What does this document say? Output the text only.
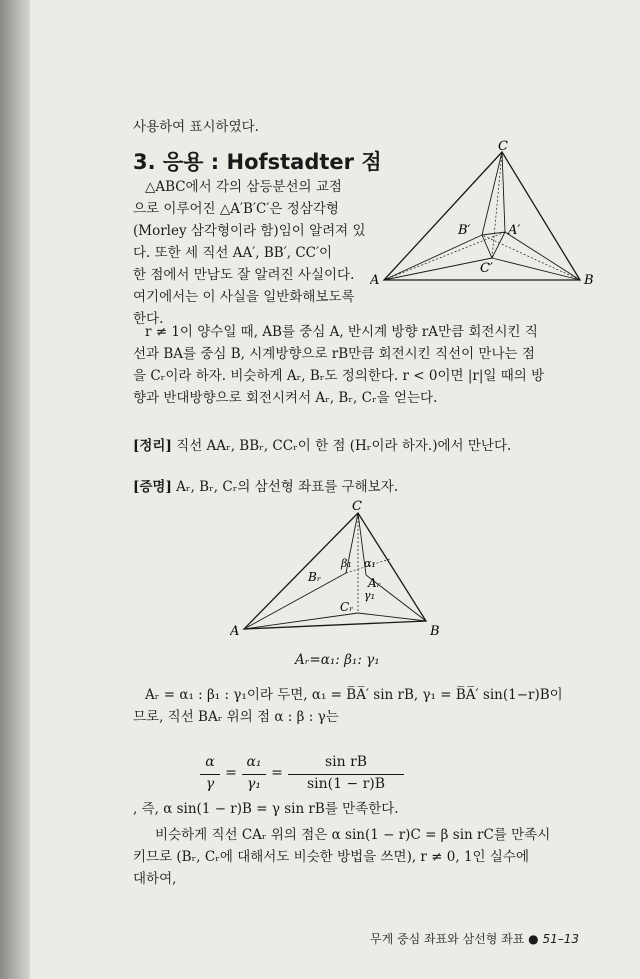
사용하여 표시하였다.
3. 응용 : Hofstadter 점
△ABC에서 각의 삼등분선의 교점
으로 이루어진 △A′B′C′은 정삼각형
(Morley 삼각형이라 함)임이 알려져 있
다. 또한 세 직선 AA′, BB′, CC′이
한 점에서 만남도 잘 알려진 사실이다.
여기에서는 이 사실을 일반화해보도록
한다.
C
A	B
B′	A′
C′
r ≠ 1이 양수일 때, AB를 중심 A, 반시계 방향 rA만큼 회전시킨 직
선과 BA를 중심 B, 시계방향으로 rB만큼 회전시킨 직선이 만나는 점
을 Cᵣ이라 하자. 비슷하게 Aᵣ, Bᵣ도 정의한다. r < 0이면 |r|일 때의 방
향과 반대방향으로 회전시켜서 Aᵣ, Bᵣ, Cᵣ을 얻는다.
[정리] 직선 AAᵣ, BBᵣ, CCᵣ이 한 점 (Hᵣ이라 하자.)에서 만난다.
[증명] Aᵣ, Bᵣ, Cᵣ의 삼선형 좌표를 구해보자.
C
A	B
Bᵣ	Aᵣ
Cᵣ
β₁ α₁
γ₁
Aᵣ=α₁: β₁: γ₁
Aᵣ = α₁ : β₁ : γ₁이라 두면, α₁ = B̅A̅′ sin rB, γ₁ = B̅A̅′ sin(1−r)B이
므로, 직선 BAᵣ 위의 점 α : β : γ는
α
γ
=
α₁
γ₁
=
sin rB
sin(1 − r)B
, 즉, α sin(1 − r)B = γ sin rB를 만족한다.
비슷하게 직선 CAᵣ 위의 점은 α sin(1 − r)C = β sin rC를 만족시
키므로 (Bᵣ, Cᵣ에 대해서도 비슷한 방법을 쓰면), r ≠ 0, 1인 실수에
대하여,
무게 중심 좌표와 삼선형 좌표 ● 51–13
